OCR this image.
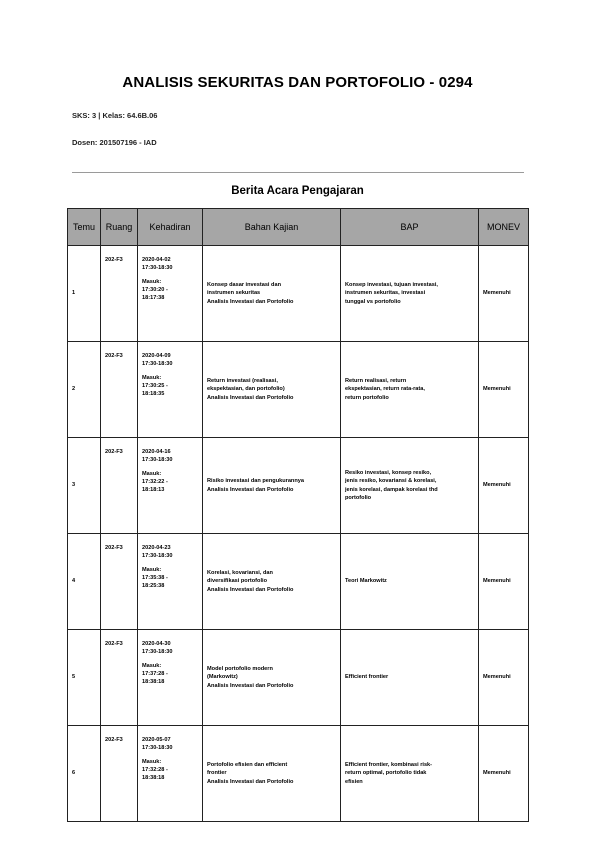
ANALISIS SEKURITAS DAN PORTOFOLIO - 0294
SKS: 3 | Kelas: 64.6B.06
Dosen: 201507196 - IAD
Berita Acara Pengajaran
Temu	Ruang	Kehadiran	Bahan Kajian	BAP	MONEV
1	202-F3	2020-04-02
17:30-18:30
Masuk:
17:30:20 -
18:17:38	Konsep dasar investasi dan
instrumen sekuritas
Analisis Investasi dan Portofolio	Konsep investasi, tujuan investasi,
instrumen sekuritas, investasi
tunggal vs portofolio	Memenuhi
2	202-F3	2020-04-09
17:30-18:30
Masuk:
17:30:25 -
18:18:35	Return investasi (realisasi,
ekspektasian, dan portofolio)
Analisis Investasi dan Portofolio	Return realisasi, return
ekspektasian, return rata-rata,
return portofolio	Memenuhi
3	202-F3	2020-04-16
17:30-18:30
Masuk:
17:32:22 -
18:18:13	Risiko investasi dan pengukurannya
Analisis Investasi dan Portofolio	Resiko investasi, konsep resiko,
jenis resiko, kovariansi & korelasi,
jenis korelasi, dampak korelasi thd
portofolio	Memenuhi
4	202-F3	2020-04-23
17:30-18:30
Masuk:
17:35:38 -
18:25:38	Korelasi, kovariansi, dan
diversifikasi portofolio
Analisis Investasi dan Portofolio	Teori Markowitz	Memenuhi
5	202-F3	2020-04-30
17:30-18:30
Masuk:
17:37:28 -
18:38:18	Model portofolio modern
(Markowitz)
Analisis Investasi dan Portofolio	Efficient frontier	Memenuhi
6	202-F3	2020-05-07
17:30-18:30
Masuk:
17:32:28 -
18:38:18	Portofolio efisien dan efficient
frontier
Analisis Investasi dan Portofolio	Efficient frontier, kombinasi risk-
return optimal, portofolio tidak
efisien	Memenuhi
